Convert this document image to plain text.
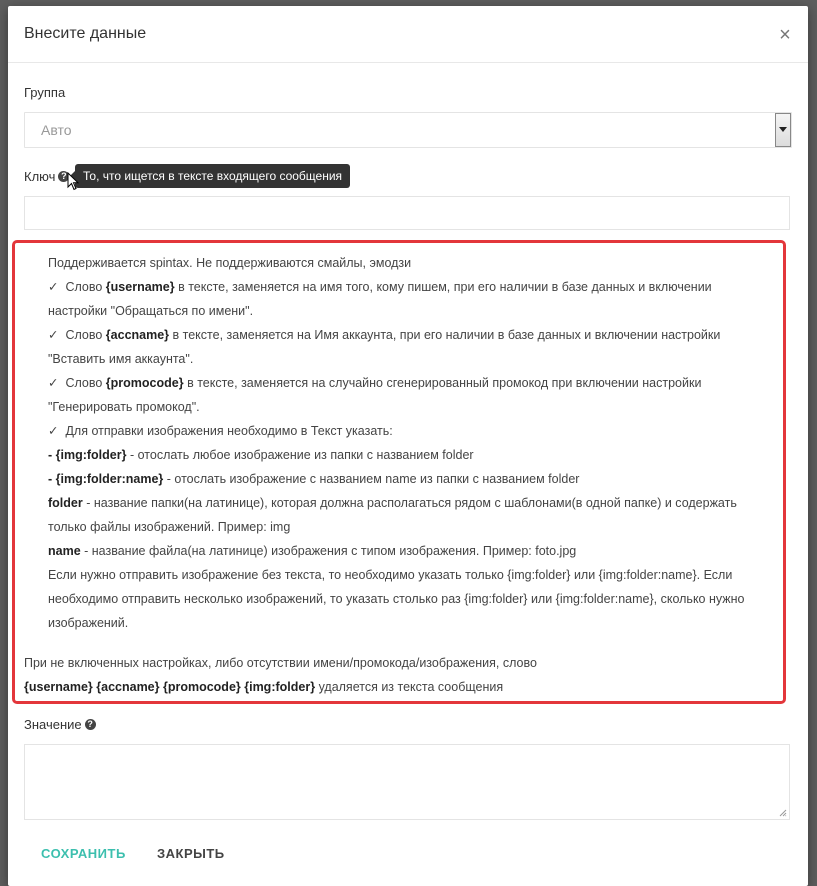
Внесите данные	×
Группа
Авто
Ключ ?	То, что ищется в тексте входящего сообщения
Поддерживается spintax. Не поддерживаются смайлы, эмодзи
✓ Слово {username} в тексте, заменяется на имя того, кому пишем, при его наличии в базе данных и включении настройки "Обращаться по имени".
✓ Слово {accname} в тексте, заменяется на Имя аккаунта, при его наличии в базе данных и включении настройки "Вставить имя аккаунта".
✓ Слово {promocode} в тексте, заменяется на случайно сгенерированный промокод при включении настройки "Генерировать промокод".
✓ Для отправки изображения необходимо в Текст указать:
- {img:folder} - отослать любое изображение из папки с названием folder
- {img:folder:name} - отослать изображение с названием name из папки с названием folder
folder - название папки(на латинице), которая должна располагаться рядом с шаблонами(в одной папке) и содержать только файлы изображений. Пример: img
name - название файла(на латинице) изображения с типом изображения. Пример: foto.jpg
Если нужно отправить изображение без текста, то необходимо указать только {img:folder} или {img:folder:name}. Если необходимо отправить несколько изображений, то указать столько раз {img:folder} или {img:folder:name}, сколько нужно изображений.
При не включенных настройках, либо отсутствии имени/промокода/изображения, слово
{username} {accname} {promocode} {img:folder} удаляется из текста сообщения
Значение ?
СОХРАНИТЬ ЗАКРЫТЬ
